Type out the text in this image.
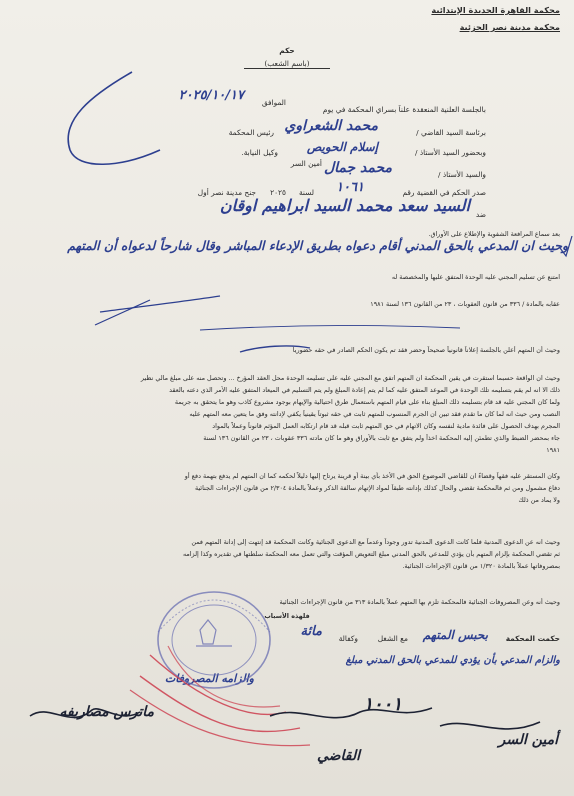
محكمة القاهرة الجديدة الإبتدائية
محكمة مدينة نصر الجزئية
حكم
(باسم الشعب)
بالجلسة العلنية المنعقدة علناً بسراي المحكمة في يوم
الموافق
٢٠٢٥/١٠/١٧
برئاسة السيد القاضي /
محمد الشعراوي
رئيس المحكمة
وبحضور السيد الأستاذ /
إسلام الحويص
وكيل النيابة.
والسيد الأستاذ /
محمد جمال
أمين السر
صدر الحكم في القضية رقم
١٠٦١
لسنة
٢٠٢٥
جنح مدينة نصر أول
ضد
السيد سعد محمد السيد ابراهيم اوقان
بعد سماع المرافعة الشفوية والإطلاع على الأوراق.
وحيث ان المدعي بالحق المدني أقام دعواه بطريق الإدعاء المباشر وقال شارحاً لدعواه أن المتهم
امتنع عن تسليم المجني عليه الوحدة المتفق عليها والمخصصة له
عقابه بالمادة / ٣٣٦ من قانون العقوبات ، ٢٣ من القانون ١٣٦ لسنة ١٩٨١
وحيث أن المتهم أعلن بالجلسة إعلاناً قانونياً صحيحاً وحضر فقد تم يكون الحكم الصادر في حقه حضورياً
وحيث ان الواقعة حسبما استقرت في يقين المحكمة ان المتهم اتفق مع المجني عليه على تسليمه الوحدة محل العقد المؤرخ ... وتحصل منه على مبلغ مالي نظير
ذلك الا انه لم يقم بتسليمه تلك الوحدة في الموعد المتفق عليه كما لم يتم إعادة المبلغ ولم يتم التسليم في الميعاد المتفق عليه الأمر الذي دعته بالعقد
ولما كان المجني عليه قد قام بتسليمه ذلك المبلغ بناء على قيام المتهم باستعمال طرق احتيالية والإيهام بوجود مشروع كاذب وهو ما يتحقق به جريمة
النصب ومن حيث انه لما كان ما تقدم فقد تبين ان الجرم المنسوب للمتهم ثابت في حقه ثبوتاً يقينياً يكفي لإدانته وفق ما يتعين معه المتهم عليه
المجرم بهدف الحصول على فائدة مادية لنفسه وكان الاتهام في حق المتهم ثابت قبله قد قام ارتكابه العمل المؤثم قانوناً وعملاً بالمواد
جاء بمحضر الضبط والذي تطمئن إليه المحكمة اخذاً ولم يتفق مع ثابت بالأوراق وهو ما كان مادته ٣٣٦ عقوبات ، ٢٣ من القانون ١٣٦ لسنة
١٩٨١
وكان المستقر عليه فقهاً وقضاءً ان للقاضي الموضوع الحق في الأخذ بأي بينة أو قرينة يرتاح إليها دليلاً لحكمه كما ان المتهم لم يدفع بتهمة دفع أو
دفاع مشمول ومن ثم فالمحكمة تقضي والحال كذلك بإدانته طبقاً لمواد الإتهام سالفة الذكر وعملاً بالمادة ٢/٣٠٤ من قانون الإجراءات الجنائية
ولا يماد من ذلك
وحيث انه عن الدعوى المدنية فلما كانت الدعوى المدنية تدور وجوداً وعدماً مع الدعوى الجنائية وكانت المحكمة قد إنتهت إلى إدانة المتهم فمن
ثم تقضي المحكمة بإلزام المتهم بأن يؤدي للمدعي بالحق المدني مبلغ التعويض المؤقت والتي تعمل معه المحكمة سلطتها في تقديره وكذا إلزامه
بمصروفاتها عملاً بالمادة ١/٣٢٠ من قانون الإجراءات الجنائية.
وحيث أنه وعن المصروفات الجنائية فالمحكمة تلزم بها المتهم عملاً بالمادة ٣١٣ من قانون الإجراءات الجنائية
فلهذه الأسباب
حكمت المحكمة
بحبس المتهم
مع الشغل
وكفالة
مائة
والزام المدعي بأن يؤدي للمدعي بالحق المدني مبلغ
والزامه المصروفات
١٠٠١
ماترس مصاريفه
أمين السر
القاضي
